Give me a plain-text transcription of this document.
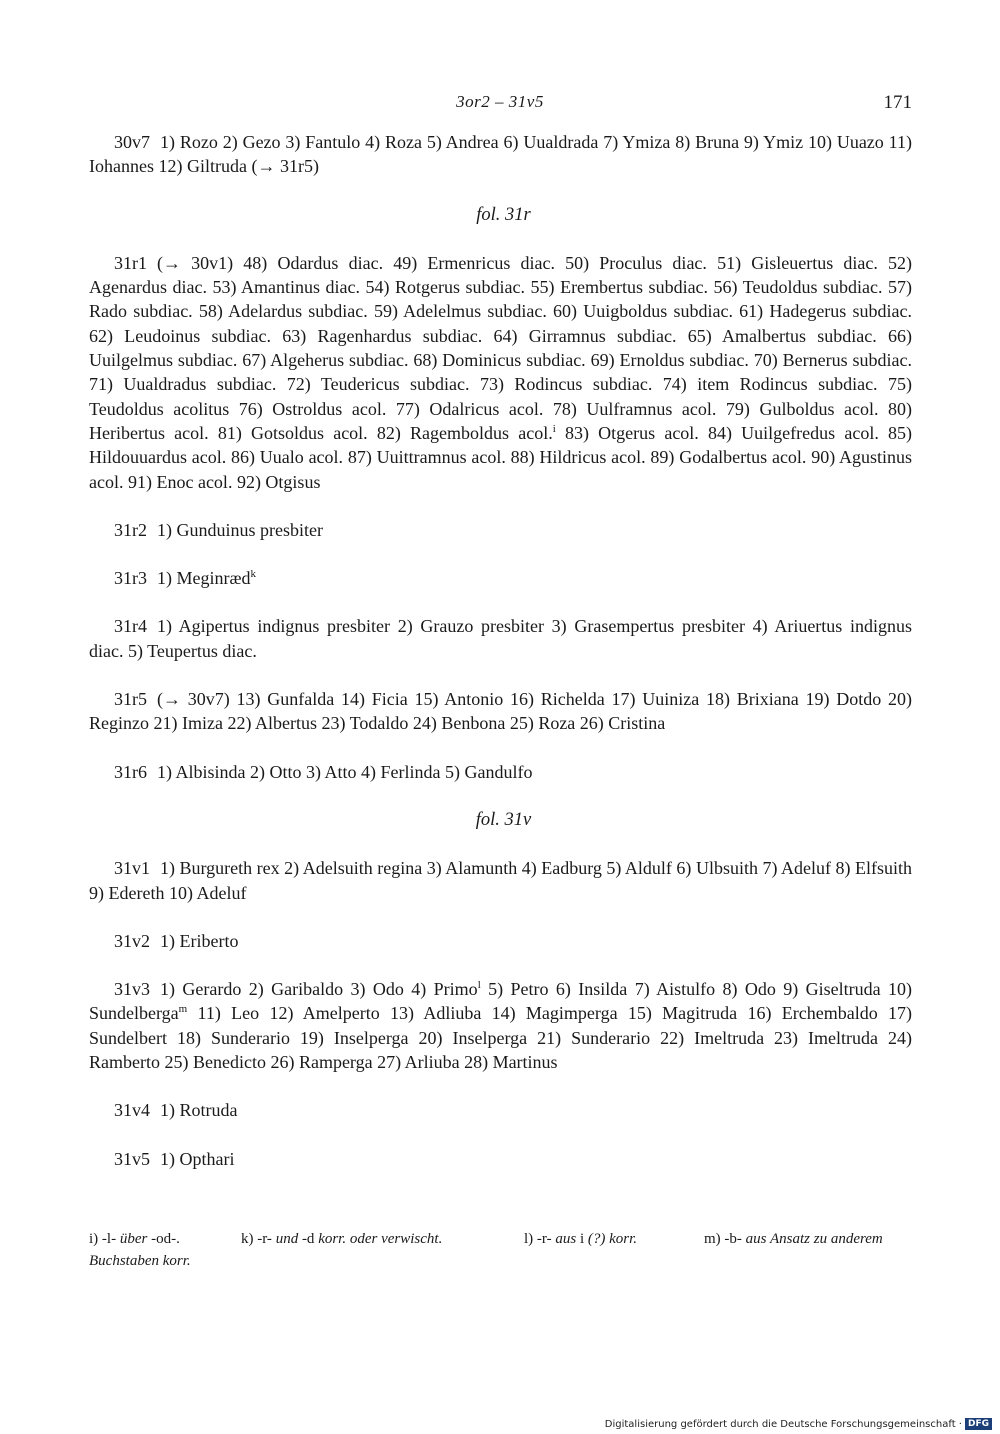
3or2 – 31v5	171

30v7 1) Rozo 2) Gezo 3) Fantulo 4) Roza 5) Andrea 6) Uualdrada 7) Ymiza 8) Bruna 9) Ymiz 10) Uuazo 11) Iohannes 12) Giltruda (→ 31r5)

fol. 31r

31r1 (→ 30v1) 48) Odardus diac. 49) Ermenricus diac. 50) Proculus diac. 51) Gisleuertus diac. 52) Agenardus diac. 53) Amantinus diac. 54) Rotgerus subdiac. 55) Erembertus subdiac. 56) Teudoldus subdiac. 57) Rado subdiac. 58) Adelardus subdiac. 59) Adelelmus subdiac. 60) Uuigboldus subdiac. 61) Hadegerus subdiac. 62) Leudoinus subdiac. 63) Ragenhardus subdiac. 64) Girramnus subdiac. 65) Amalbertus subdiac. 66) Uuilgelmus subdiac. 67) Algeherus subdiac. 68) Dominicus subdiac. 69) Ernoldus subdiac. 70) Bernerus subdiac. 71) Uualdradus subdiac. 72) Teudericus subdiac. 73) Rodincus subdiac. 74) item Rodincus subdiac. 75) Teudoldus acolitus 76) Ostroldus acol. 77) Odalricus acol. 78) Uulframnus acol. 79) Gulboldus acol. 80) Heribertus acol. 81) Gotsoldus acol. 82) Ragemboldus acol.$^i$ 83) Otgerus acol. 84) Uuilgefredus acol. 85) Hildouuardus acol. 86) Uualo acol. 87) Uuittramnus acol. 88) Hildricus acol. 89) Godalbertus acol. 90) Agustinus acol. 91) Enoc acol. 92) Otgisus

31r2 1) Gunduinus presbiter

31r3 1) Meginræd$^k$

31r4 1) Agipertus indignus presbiter 2) Grauzo presbiter 3) Grasempertus presbiter 4) Ariuertus indignus diac. 5) Teupertus diac.

31r5 (→ 30v7) 13) Gunfalda 14) Ficia 15) Antonio 16) Richelda 17) Uuiniza 18) Brixiana 19) Dotdo 20) Reginzo 21) Imiza 22) Albertus 23) Todaldo 24) Benbona 25) Roza 26) Cristina

31r6 1) Albisinda 2) Otto 3) Atto 4) Ferlinda 5) Gandulfo

fol. 31v

31v1 1) Burgureth rex 2) Adelsuith regina 3) Alamunth 4) Eadburg 5) Aldulf 6) Ulbsuith 7) Adeluf 8) Elfsuith 9) Edereth 10) Adeluf

31v2 1) Eriberto

31v3 1) Gerardo 2) Garibaldo 3) Odo 4) Primo$^l$ 5) Petro 6) Insilda 7) Aistulfo 8) Odo 9) Giseltruda 10) Sundelberga$^m$ 11) Leo 12) Amelperto 13) Adliuba 14) Magimperga 15) Magitruda 16) Erchembaldo 17) Sundelbert 18) Sunderario 19) Inselperga 20) Inselperga 21) Sunderario 22) Imeltruda 23) Imeltruda 24) Ramberto 25) Benedicto 26) Ramperga 27) Arliuba 28) Martinus

31v4 1) Rotruda

31v5 1) Opthari

i) -l- über -od-.	k) -r- und -d korr. oder verwischt.	l) -r- aus i (?) korr.	m) -b- aus Ansatz zu anderem Buchstaben korr.
Digitalisierung gefördert durch die Deutsche Forschungsgemeinschaft · DFG
